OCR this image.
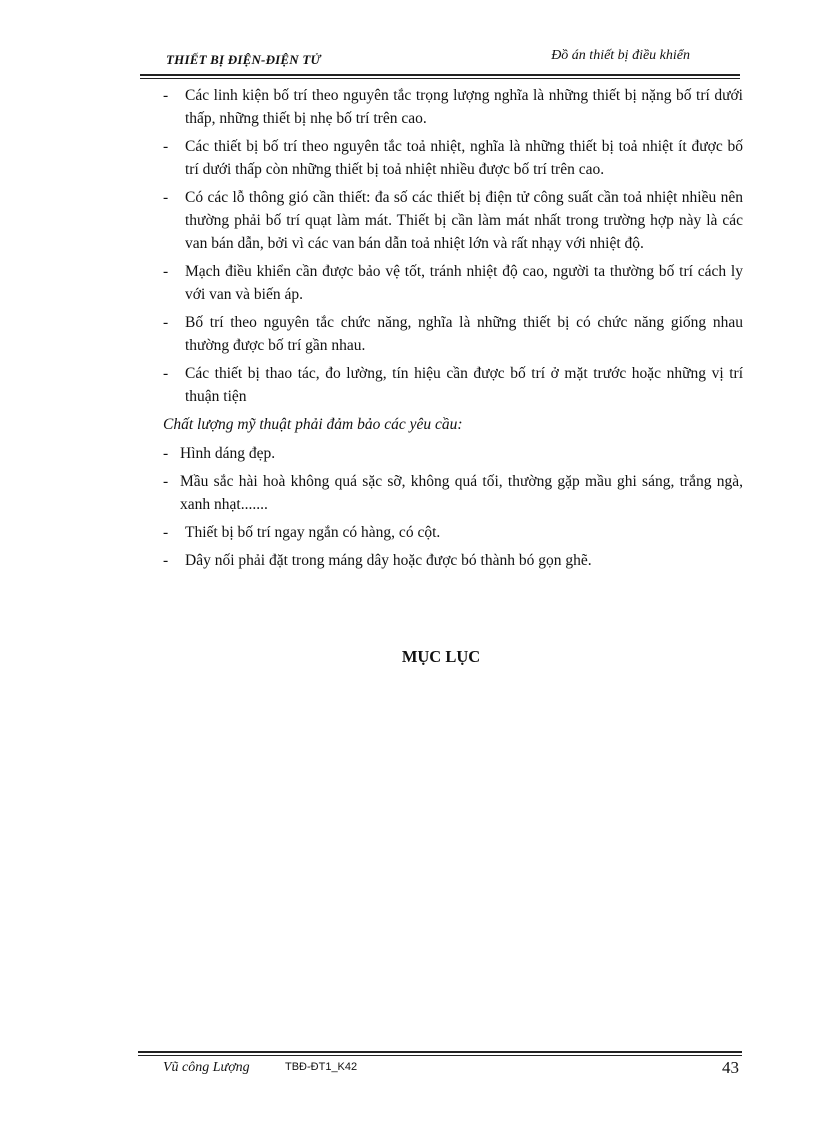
THIẾT BỊ ĐIỆN-ĐIỆN TỬ	Đồ án thiết bị điều khiển
- Các linh kiện bố trí theo nguyên tắc trọng lượng nghĩa là những thiết bị nặng bố trí dưới thấp, những thiết bị nhẹ bố trí trên cao.
- Các thiết bị bố trí theo nguyên tắc toả nhiệt, nghĩa là những thiết bị toả nhiệt ít được bố trí dưới thấp còn những thiết bị toả nhiệt nhiều được bố trí trên cao.
- Có các lỗ thông gió cần thiết: đa số các thiết bị điện tử công suất cần toả nhiệt nhiều nên thường phải bố trí quạt làm mát. Thiết bị cần làm mát nhất trong trường hợp này là các van bán dẫn, bởi vì các van bán dẫn toả nhiệt lớn và rất nhạy với nhiệt độ.
- Mạch điều khiển cần được bảo vệ tốt, tránh nhiệt độ cao, người ta thường bố trí cách ly với van và biến áp.
- Bố trí theo nguyên tắc chức năng, nghĩa là những thiết bị có chức năng giống nhau thường được bố trí gần nhau.
- Các thiết bị thao tác, đo lường, tín hiệu cần được bố trí ở mặt trước hoặc những vị trí thuận tiện
Chất lượng mỹ thuật phải đảm bảo các yêu cầu:
- Hình dáng đẹp.
- Mầu sắc hài hoà không quá sặc sỡ, không quá tối, thường gặp mầu ghi sáng, trắng ngà, xanh nhạt.......
- Thiết bị bố trí ngay ngắn có hàng, có cột.
- Dây nối phải đặt trong máng dây hoặc được bó thành bó gọn ghẽ.
MỤC LỤC
Vũ công Lượng	TBĐ-ĐT1_K42	43
